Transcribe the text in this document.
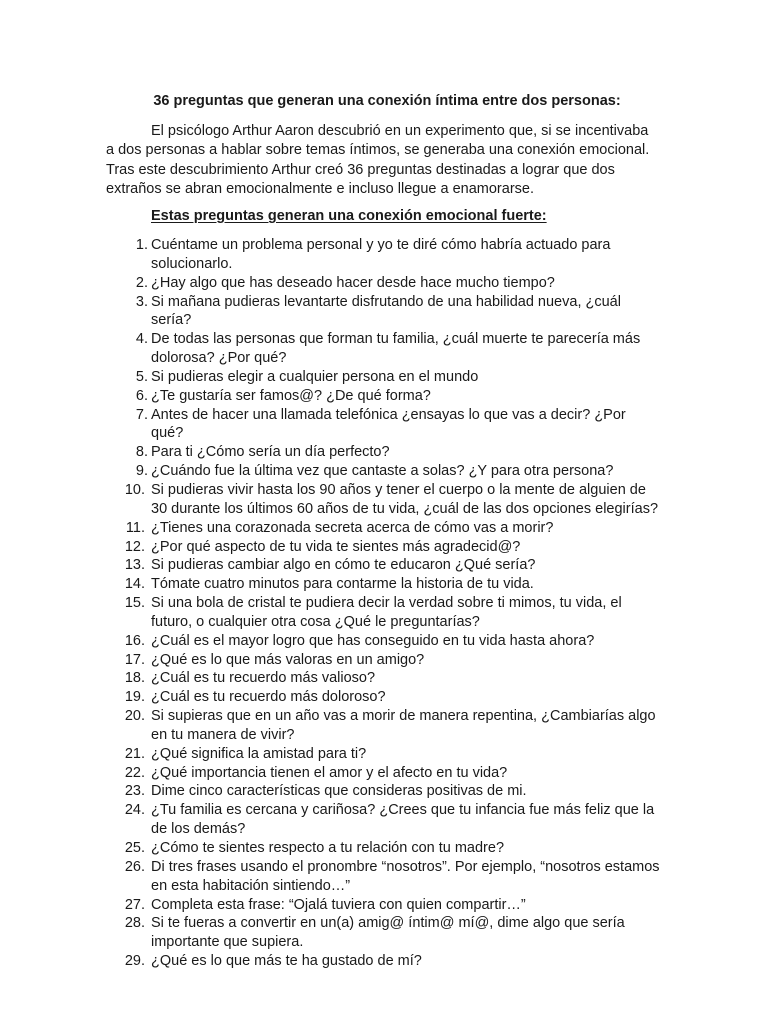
36 preguntas que generan una conexión íntima entre dos personas:

El psicólogo Arthur Aaron descubrió en un experimento que, si se incentivaba a dos personas a hablar sobre temas íntimos, se generaba una conexión emocional. Tras este descubrimiento Arthur creó 36 preguntas destinadas a lograr que dos extraños se abran emocionalmente e incluso llegue a enamorarse.

Estas preguntas generan una conexión emocional fuerte:
1. Cuéntame un problema personal y yo te diré cómo habría actuado para solucionarlo.
2. ¿Hay algo que has deseado hacer desde hace mucho tiempo?
3. Si mañana pudieras levantarte disfrutando de una habilidad nueva, ¿cuál sería?
4. De todas las personas que forman tu familia, ¿cuál muerte te parecería más dolorosa? ¿Por qué?
5. Si pudieras elegir a cualquier persona en el mundo
6. ¿Te gustaría ser famos@? ¿De qué forma?
7. Antes de hacer una llamada telefónica ¿ensayas lo que vas a decir? ¿Por qué?
8. Para ti ¿Cómo sería un día perfecto?
9. ¿Cuándo fue la última vez que cantaste a solas? ¿Y para otra persona?
10. Si pudieras vivir hasta los 90 años y tener el cuerpo o la mente de alguien de 30 durante los últimos 60 años de tu vida, ¿cuál de las dos opciones elegirías?
11. ¿Tienes una corazonada secreta acerca de cómo vas a morir?
12. ¿Por qué aspecto de tu vida te sientes más agradecid@?
13. Si pudieras cambiar algo en cómo te educaron ¿Qué sería?
14. Tómate cuatro minutos para contarme la historia de tu vida.
15. Si una bola de cristal te pudiera decir la verdad sobre ti mimos, tu vida, el futuro, o cualquier otra cosa ¿Qué le preguntarías?
16. ¿Cuál es el mayor logro que has conseguido en tu vida hasta ahora?
17. ¿Qué es lo que más valoras en un amigo?
18. ¿Cuál es tu recuerdo más valioso?
19. ¿Cuál es tu recuerdo más doloroso?
20. Si supieras que en un año vas a morir de manera repentina, ¿Cambiarías algo en tu manera de vivir?
21. ¿Qué significa la amistad para ti?
22. ¿Qué importancia tienen el amor y el afecto en tu vida?
23. Dime cinco características que consideras positivas de mi.
24. ¿Tu familia es cercana y cariñosa? ¿Crees que tu infancia fue más feliz que la de los demás?
25. ¿Cómo te sientes respecto a tu relación con tu madre?
26. Di tres frases usando el pronombre “nosotros”. Por ejemplo, “nosotros estamos en esta habitación sintiendo…”
27. Completa esta frase: “Ojalá tuviera con quien compartir…”
28. Si te fueras a convertir en un(a) amig@ íntim@ mí@, dime algo que sería importante que supiera.
29. ¿Qué es lo que más te ha gustado de mí?
